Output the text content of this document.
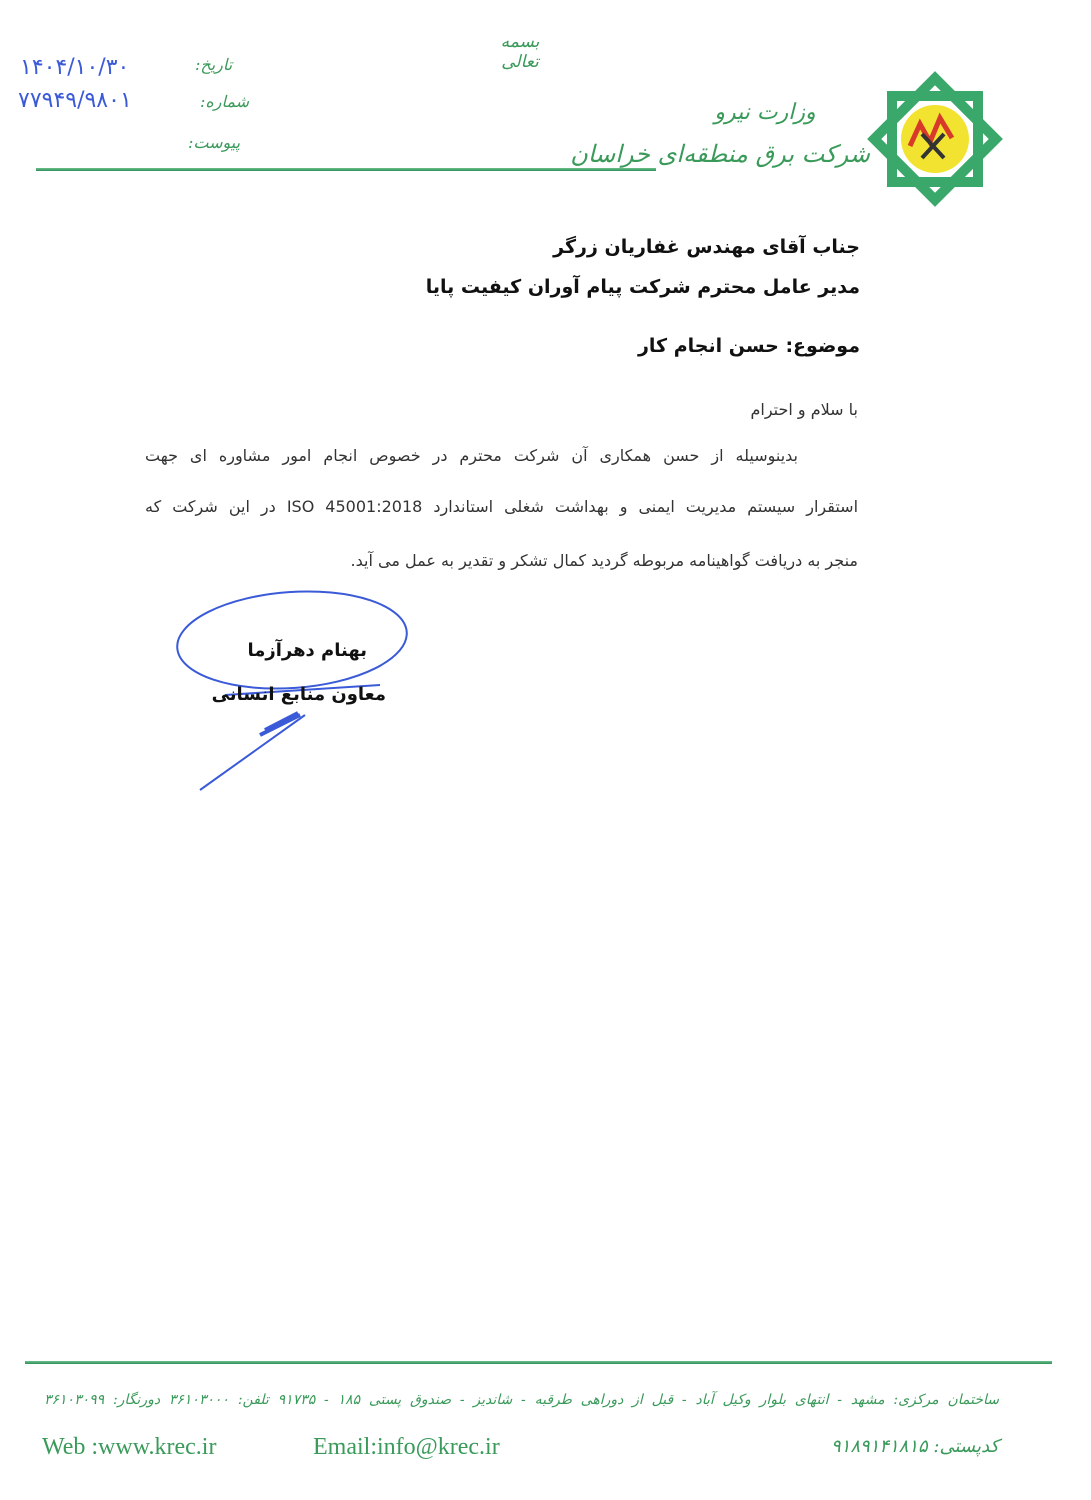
بسمه تعالی
تاریخ:
۱۴۰۴/۱۰/۳۰
شماره:
۷۷۹۴۹/۹۸۰۱
پیوست:
وزارت نیرو
شرکت برق منطقه‌ای خراسان
جناب آقای مهندس غفاریان زرگر
مدیر عامل محترم شرکت پیام آوران کیفیت پایا
موضوع: حسن انجام کار
با سلام و احترام
بدینوسیله از حسن همکاری آن شرکت محترم در خصوص انجام امور مشاوره ای جهت
استقرار سیستم مدیریت ایمنی و بهداشت شغلی استاندارد ISO 45001:2018 در این شرکت که
منجر به دریافت گواهینامه مربوطه گردید کمال تشکر و تقدیر به عمل می آید.
بهنام دهرآزما
معاون منابع انسانی
ساختمان مرکزی: مشهد - انتهای بلوار وکیل آباد - قبل از دوراهی طرقبه - شاندیز - صندوق پستی ۱۸۵ - ۹۱۷۳۵ تلفن: ۳۶۱۰۳۰۰۰ دورنگار: ۳۶۱۰۳۰۹۹
کدپستی: ۹۱۸۹۱۴۱۸۱۵
Web :www.krec.ir	Email:info@krec.ir
